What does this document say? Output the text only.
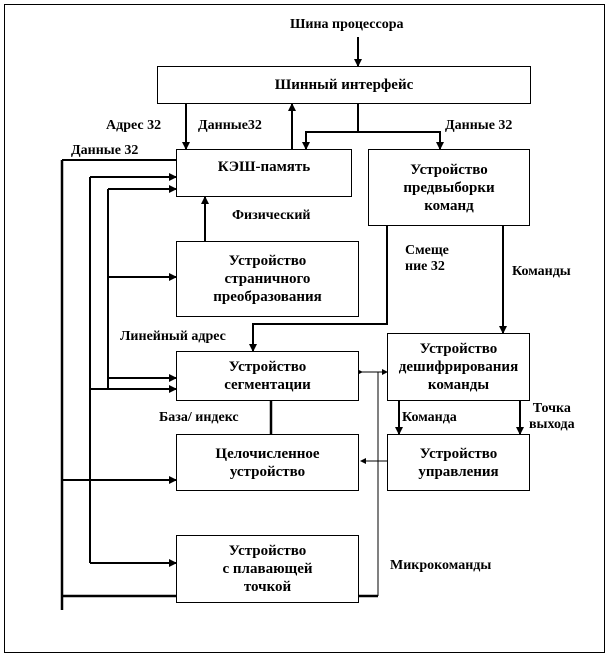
Шинный интерфейс
КЭШ-память	Устройство
предвыборки
команд
Устройство
страничного
преобразования
Устройство
сегментации
Устройство
дешифрирования
команды
Целочисленное
устройство
Устройство
управления
Устройство
с плавающей
точкой
Шина процессора
Адрес 32	Данные32	Данные 32
Данные 32
Физический
Смеще
ние 32	Команды
Линейный адрес
База/ индекс	Команда
Точка
выхода
Микрокоманды
